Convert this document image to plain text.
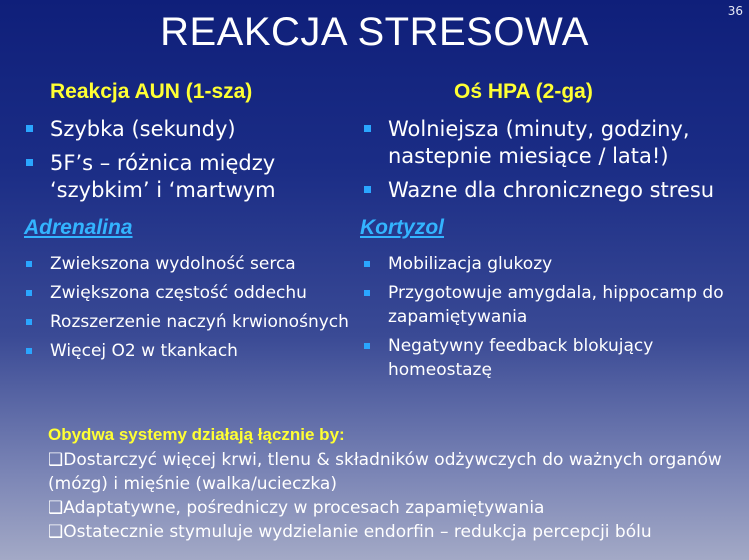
36
REAKCJA STRESOWA
Reakcja AUN (1-sza)	Oś HPA (2-ga)
Szybka (sekundy)
5F’s – różnica między ‘szybkim’ i ‘martwym
Wolniejsza (minuty, godziny, nastepnie miesiące / lata!)
Wazne dla chronicznego stresu
Adrenalina	Kortyzol
Zwiekszona wydolność serca
Zwiększona częstość oddechu
Rozszerzenie naczyń krwionośnych
Więcej O2 w tkankach
Mobilizacja glukozy
Przygotowuje amygdala, hippocamp do zapamiętywania
Negatywny feedback blokujący homeostazę
Obydwa systemy działają łącznie by:
❑Dostarczyć więcej krwi, tlenu & składników odżywczych do ważnych organów (mózg) i mięśnie (walka/ucieczka)
❑Adaptatywne, pośredniczy w procesach zapamiętywania
❑Ostatecznie stymuluje wydzielanie endorfin – redukcja percepcji bólu
